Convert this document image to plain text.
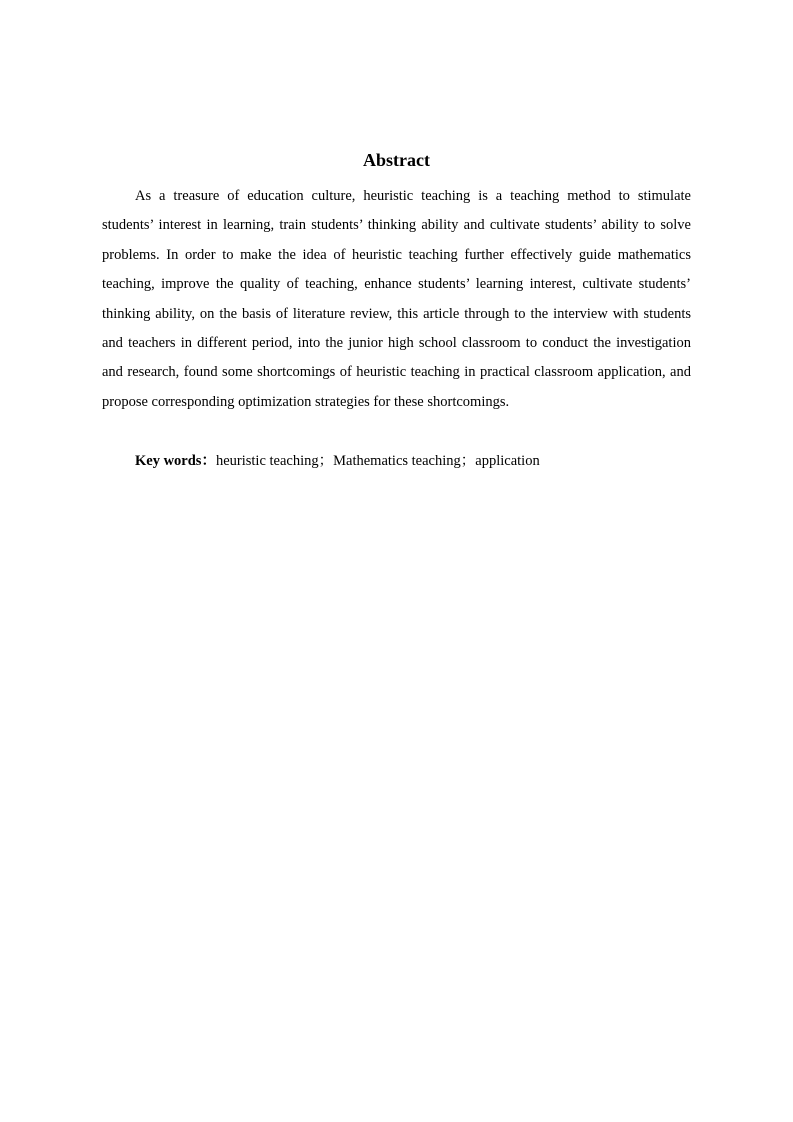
Abstract

As a treasure of education culture, heuristic teaching is a teaching method to stimulate students’ interest in learning, train students’ thinking ability and cultivate students’ ability to solve problems. In order to make the idea of heuristic teaching further effectively guide mathematics teaching, improve the quality of teaching, enhance students’ learning interest, cultivate students’ thinking ability, on the basis of literature review, this article through to the interview with students and teachers in different period, into the junior high school classroom to conduct the investigation and research, found some shortcomings of heuristic teaching in practical classroom application, and propose corresponding optimization strategies for these shortcomings.

Key words：heuristic teaching；Mathematics teaching；application
